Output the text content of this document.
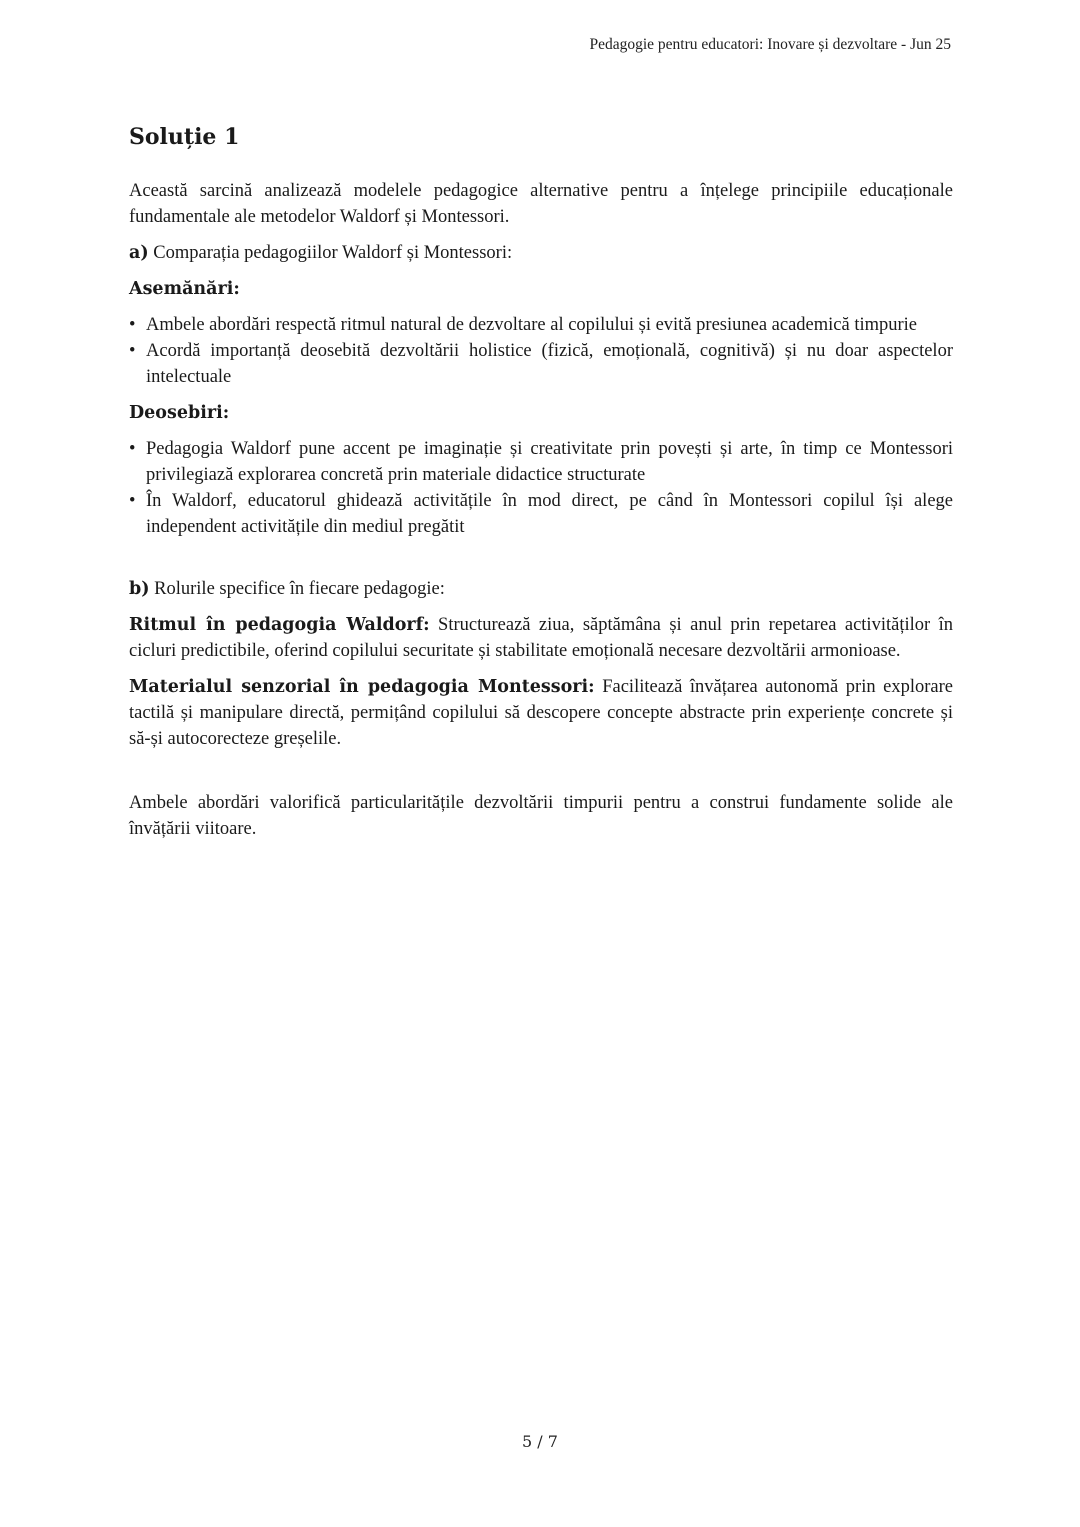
Pedagogie pentru educatori: Inovare și dezvoltare - Jun 25
Soluție 1

Această sarcină analizează modelele pedagogice alternative pentru a înțelege principiile educaționale fundamentale ale metodelor Waldorf și Montessori.

a) Comparația pedagogiilor Waldorf și Montessori:

Asemănări:
• Ambele abordări respectă ritmul natural de dezvoltare al copilului și evită presiunea academică timpurie
• Acordă importanță deosebită dezvoltării holistice (fizică, emoțională, cognitivă) și nu doar aspectelor intelectuale
Deosebiri:
• Pedagogia Waldorf pune accent pe imaginație și creativitate prin povești și arte, în timp ce Montessori privilegiază explorarea concretă prin materiale didactice structurate
• În Waldorf, educatorul ghidează activitățile în mod direct, pe când în Montessori copilul își alege independent activitățile din mediul pregătit

b) Rolurile specifice în fiecare pedagogie:

Ritmul în pedagogia Waldorf: Structurează ziua, săptămâna și anul prin repetarea activităților în cicluri predictibile, oferind copilului securitate și stabilitate emoțională necesare dezvoltării armonioase.

Materialul senzorial în pedagogia Montessori: Facilitează învățarea autonomă prin explorare tactilă și manipulare directă, permițând copilului să descopere concepte abstracte prin experiențe concrete și să-și autocorecteze greșelile.

Ambele abordări valorifică particularitățile dezvoltării timpurii pentru a construi fundamente solide ale învățării viitoare.

5 / 7
